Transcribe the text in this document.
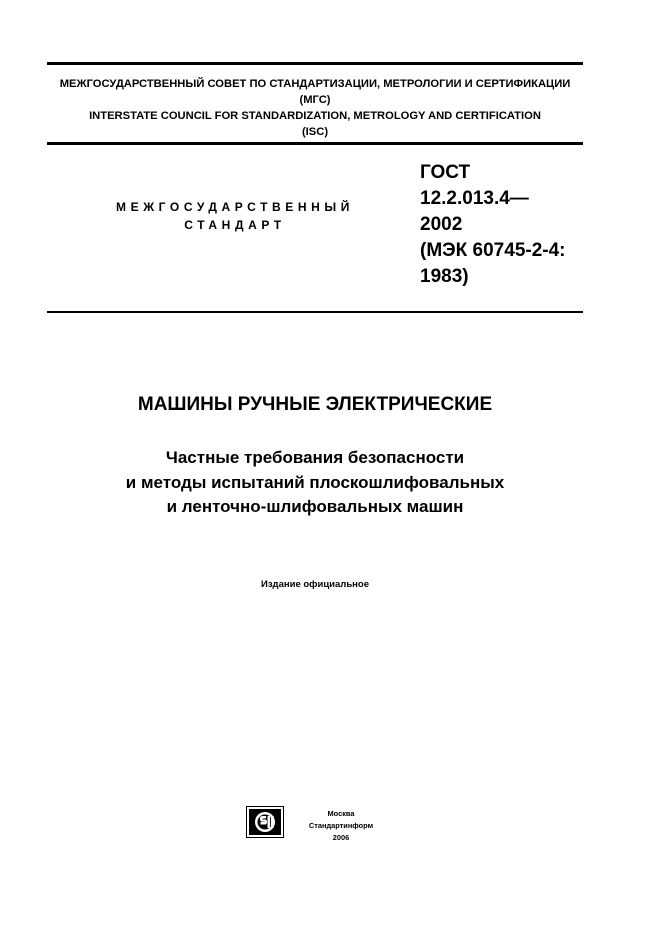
МЕЖГОСУДАРСТВЕННЫЙ СОВЕТ ПО СТАНДАРТИЗАЦИИ, МЕТРОЛОГИИ И СЕРТИФИКАЦИИ
(МГС)
INTERSTATE COUNCIL FOR STANDARDIZATION, METROLOGY AND CERTIFICATION
(ISC)
МЕЖГОСУДАРСТВЕННЫЙ
СТАНДАРТ
ГОСТ
12.2.013.4—
2002
(МЭК 60745-2-4:
1983)
МАШИНЫ РУЧНЫЕ ЭЛЕКТРИЧЕСКИЕ
Частные требования безопасности
и методы испытаний плоскошлифовальных
и ленточно-шлифовальных машин
Издание официальное
Москва
Стандартинформ
2006
